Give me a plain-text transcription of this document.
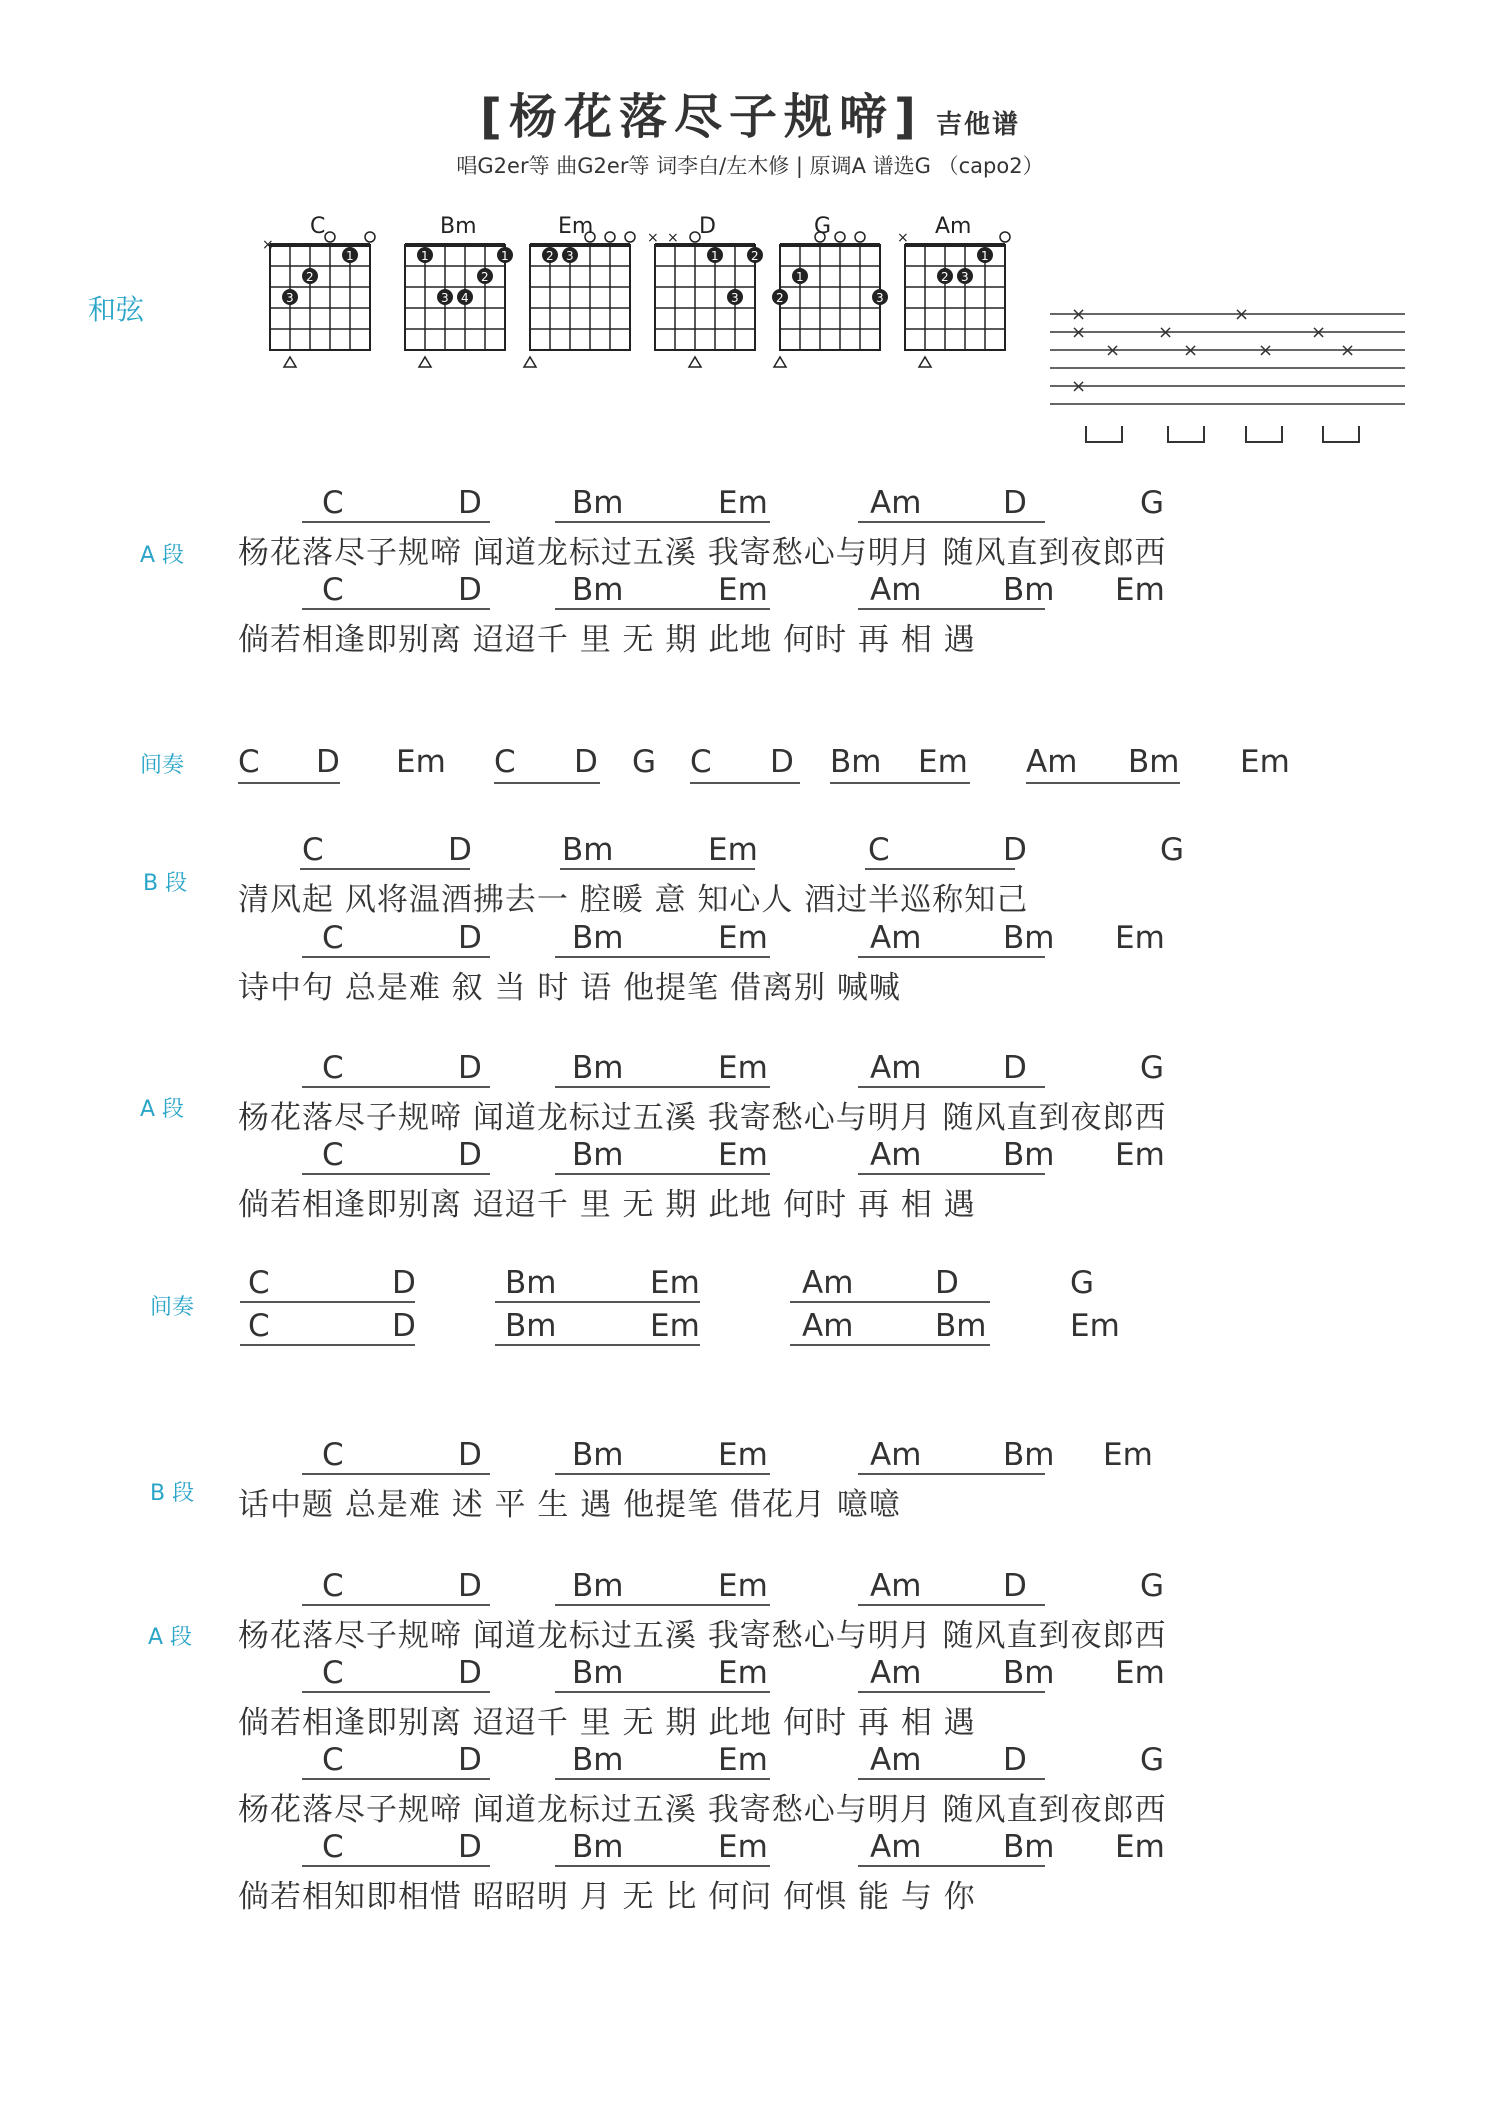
[杨花落尽子规啼] 吉他谱
唱G2er等 曲G2er等 词李白/左木修 | 原调A 谱选G （capo2）
和弦
C
×
1
2
3
Bm
1	1
2
3 4
Em
2 3
D
× ×
1	2
3
G
1
2	3
Am
×
1
2 3
×
×
×
×
×
×
×
×
×
×
A 段
C	D	Bm	Em	Am	D	G
杨花落尽子规啼 闻道龙标过五溪 我寄愁心与明月 随风直到夜郎西
C	D	Bm	Em	Am	Bm Em
倘若相逢即别离 迢迢千 里 无 期 此地 何时 再 相 遇
间奏 C D Em C D G C D Bm Em Am Bm Em
B 段
C	D	Bm	Em	C	D	G
清风起 风将温酒拂去一 腔暖 意 知心人 酒过半巡称知己
C	D	Bm	Em	Am	Bm Em
诗中句 总是难 叙 当 时 语 他提笔 借离别 喊喊
A 段
C	D	Bm	Em	Am	D	G
杨花落尽子规啼 闻道龙标过五溪 我寄愁心与明月 随风直到夜郎西
C	D	Bm	Em	Am	Bm Em
倘若相逢即别离 迢迢千 里 无 期 此地 何时 再 相 遇
间奏
C	D	Bm	Em	Am	D	G
C	D	Bm	Em	Am	Bm	Em
B 段
C	D	Bm	Em	Am	Bm Em
话中题 总是难 述 平 生 遇 他提笔 借花月 噫噫
A 段
C	D	Bm	Em	Am	D	G
杨花落尽子规啼 闻道龙标过五溪 我寄愁心与明月 随风直到夜郎西
C	D	Bm	Em	Am	Bm Em
倘若相逢即别离 迢迢千 里 无 期 此地 何时 再 相 遇
C	D	Bm	Em	Am	D	G
杨花落尽子规啼 闻道龙标过五溪 我寄愁心与明月 随风直到夜郎西
C	D	Bm	Em	Am	Bm Em
倘若相知即相惜 昭昭明 月 无 比 何问 何惧 能 与 你
